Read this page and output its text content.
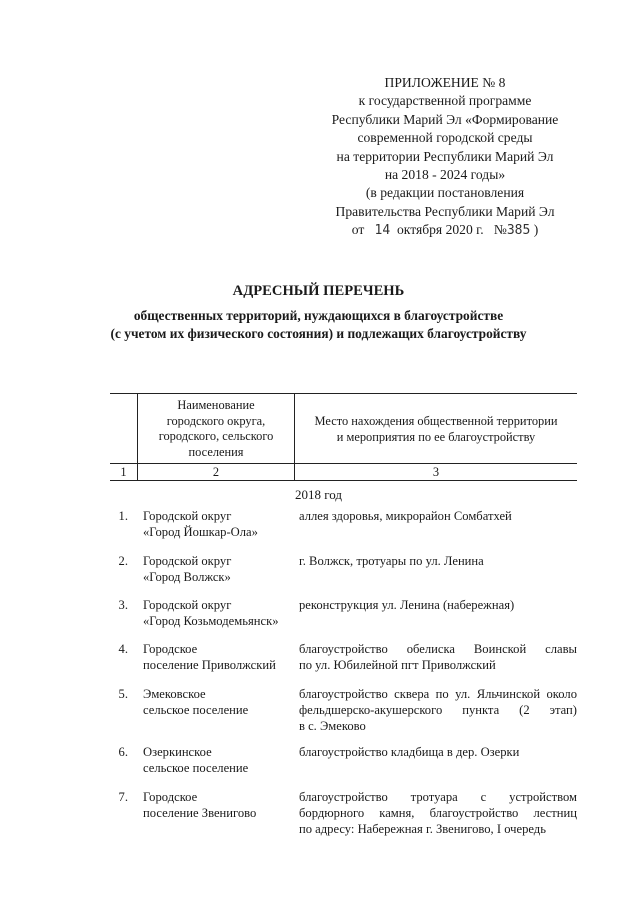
ПРИЛОЖЕНИЕ № 8
к государственной программе
Республики Марий Эл «Формирование
современной городской среды
на территории Республики Марий Эл
на 2018 - 2024 годы»
(в редакции постановления
Правительства Республики Марий Эл
от 14 октября 2020 г. №385 )
АДРЕСНЫЙ ПЕРЕЧЕНЬ
общественных территорий, нуждающихся в благоустройстве
(с учетом их физического состояния) и подлежащих благоустройству
Наименование
городского округа,
городского, сельского
поселения
Место нахождения общественной территории
и мероприятия по ее благоустройству
1	2	3
2018 год
1. Городской округ
«Город Йошкар-Ола»
аллея здоровья, микрорайон Сомбатхей
2. Городской округ
«Город Волжск»
г. Волжск, тротуары по ул. Ленина
3. Городской округ
«Город Козьмодемьянск»
реконструкция ул. Ленина (набережная)
4. Городское
поселение Приволжский
благоустройство обелиска Воинской славы
по ул. Юбилейной пгт Приволжский
5. Эмековское
сельское поселение
благоустройство сквера по ул. Яльчинской около
фельдшерско-акушерского пункта (2 этап)
в с. Эмеково
6. Озеркинское
сельское поселение
благоустройство кладбища в дер. Озерки
7. Городское
поселение Звенигово
благоустройство тротуара с устройством
бордюрного камня, благоустройство лестниц
по адресу: Набережная г. Звенигово, I очередь
